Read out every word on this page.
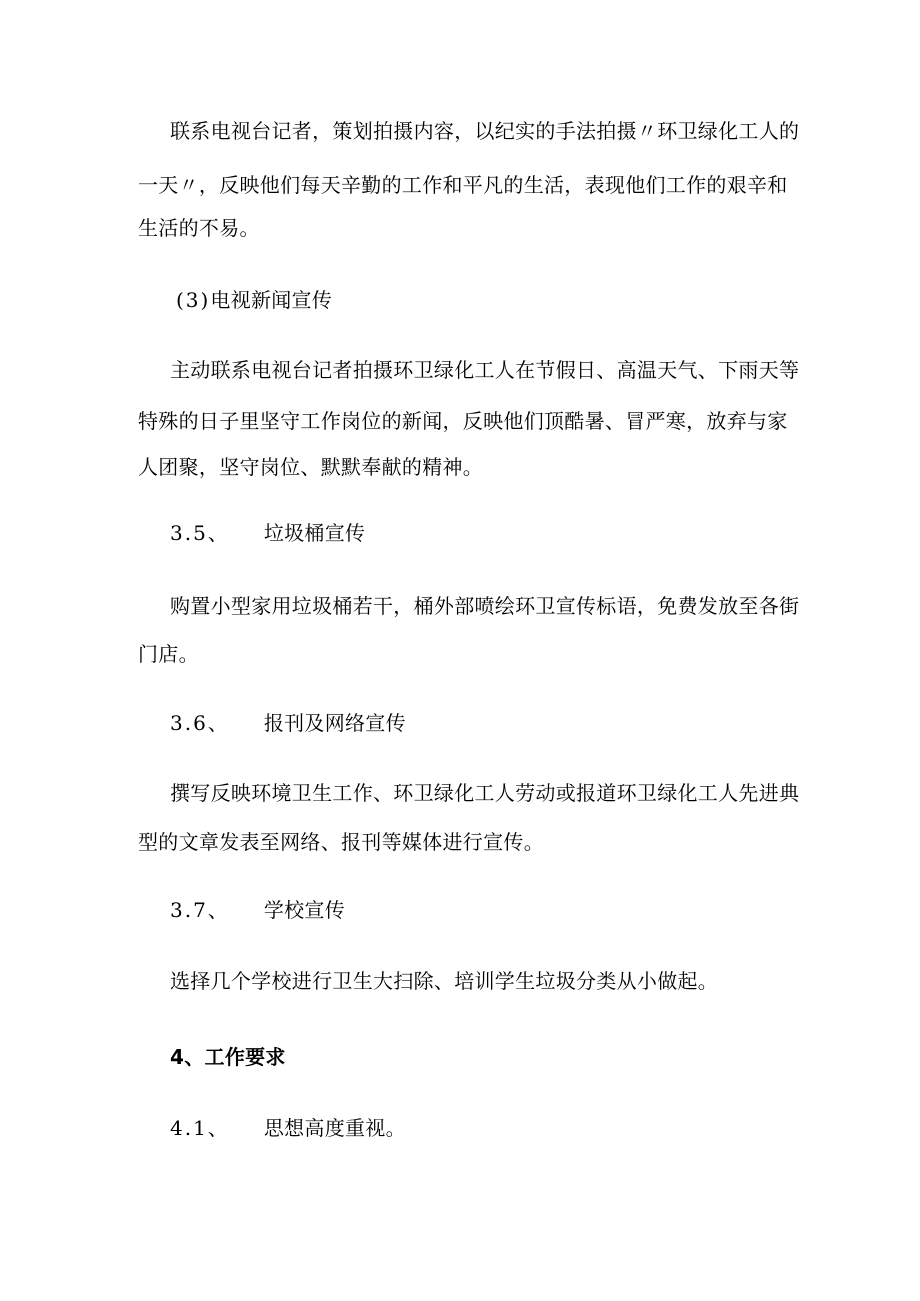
联系电视台记者，策划拍摄内容，以纪实的手法拍摄〃环卫绿化工人的
一天〃，反映他们每天辛勤的工作和平凡的生活，表现他们工作的艰辛和
生活的不易。
(3)电视新闻宣传
主动联系电视台记者拍摄环卫绿化工人在节假日、高温天气、下雨天等
特殊的日子里坚守工作岗位的新闻，反映他们顶酷暑、冒严寒，放弃与家
人团聚，坚守岗位、默默奉献的精神。
3.5、 垃圾桶宣传
购置小型家用垃圾桶若干，桶外部喷绘环卫宣传标语，免费发放至各街
门店。
3.6、 报刊及网络宣传
撰写反映环境卫生工作、环卫绿化工人劳动或报道环卫绿化工人先进典
型的文章发表至网络、报刊等媒体进行宣传。
3.7、 学校宣传
选择几个学校进行卫生大扫除、培训学生垃圾分类从小做起。
4、工作要求
4.1、 思想高度重视。
